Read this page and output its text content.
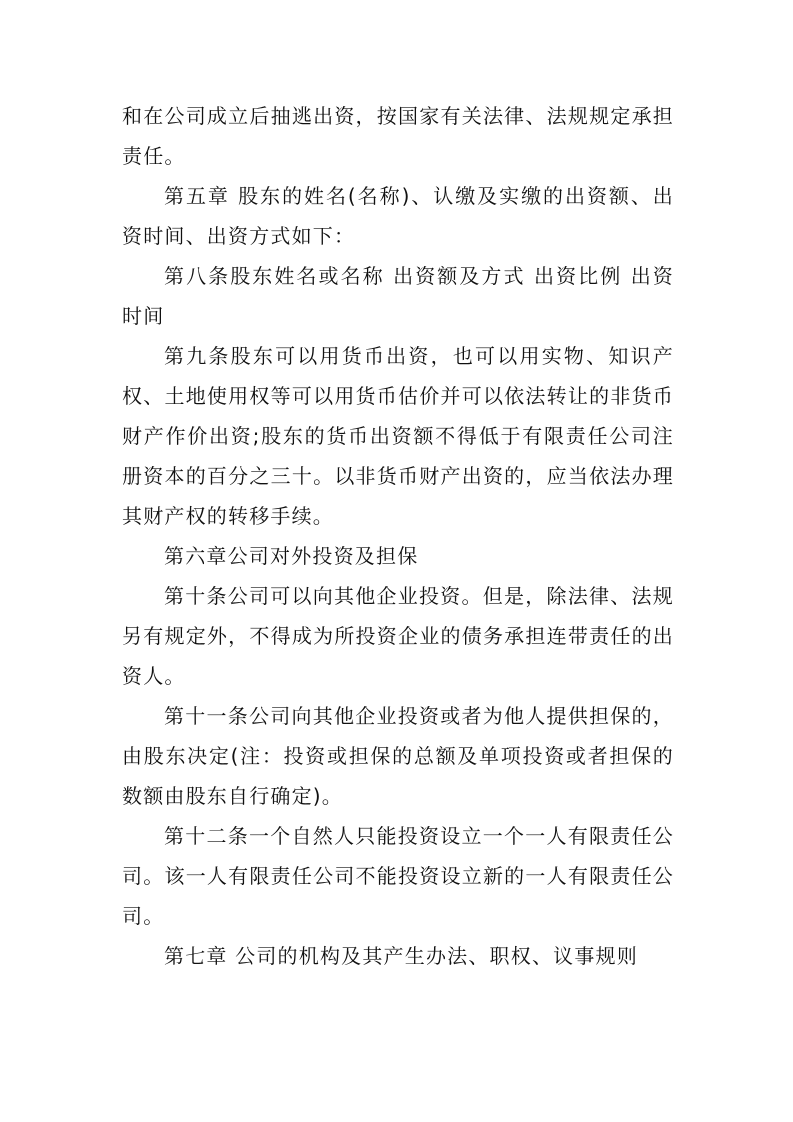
和在公司成立后抽逃出资，按国家有关法律、法规规定承担责任。

第五章 股东的姓名(名称)、认缴及实缴的出资额、出资时间、出资方式如下：

第八条股东姓名或名称 出资额及方式 出资比例 出资时间

第九条股东可以用货币出资，也可以用实物、知识产权、土地使用权等可以用货币估价并可以依法转让的非货币财产作价出资;股东的货币出资额不得低于有限责任公司注册资本的百分之三十。以非货币财产出资的，应当依法办理其财产权的转移手续。

第六章公司对外投资及担保

第十条公司可以向其他企业投资。但是，除法律、法规另有规定外，不得成为所投资企业的债务承担连带责任的出资人。

第十一条公司向其他企业投资或者为他人提供担保的，由股东决定(注：投资或担保的总额及单项投资或者担保的数额由股东自行确定)。

第十二条一个自然人只能投资设立一个一人有限责任公司。该一人有限责任公司不能投资设立新的一人有限责任公司。

第七章 公司的机构及其产生办法、职权、议事规则
